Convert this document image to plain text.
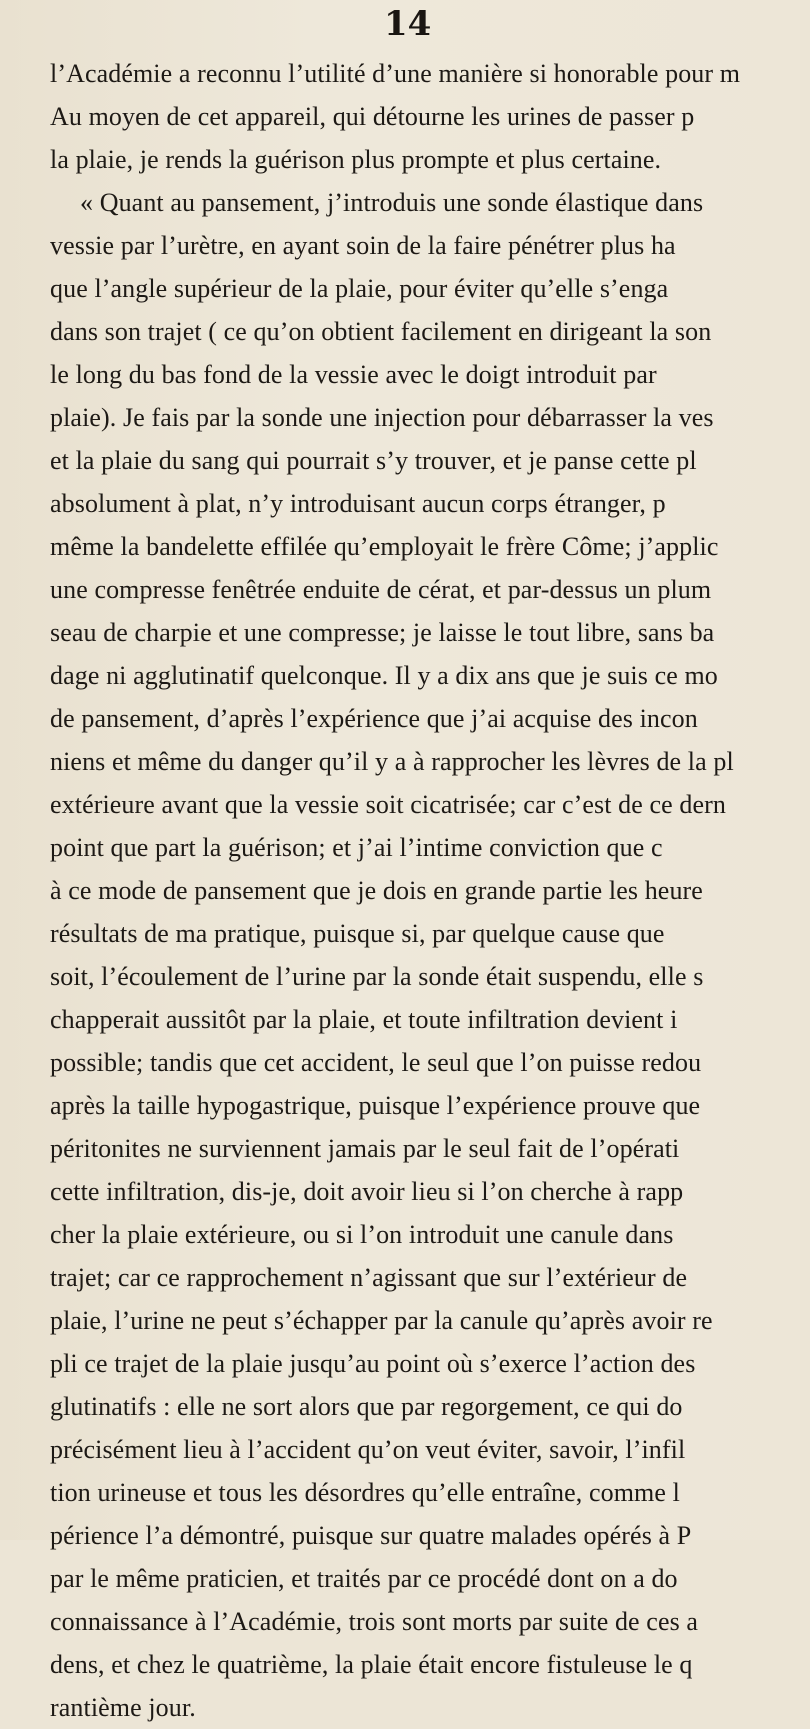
14
l’Académie a reconnu l’utilité d’une manière si honorable pour m
Au moyen de cet appareil, qui détourne les urines de passer p
la plaie, je rends la guérison plus prompte et plus certaine.
« Quant au pansement, j’introduis une sonde élastique dans
vessie par l’urètre, en ayant soin de la faire pénétrer plus ha
que l’angle supérieur de la plaie, pour éviter qu’elle s’enga
dans son trajet ( ce qu’on obtient facilement en dirigeant la son
le long du bas fond de la vessie avec le doigt introduit par
plaie). Je fais par la sonde une injection pour débarrasser la ves
et la plaie du sang qui pourrait s’y trouver, et je panse cette pl
absolument à plat, n’y introduisant aucun corps étranger, p
même la bandelette effilée qu’employait le frère Côme; j’applic
une compresse fenêtrée enduite de cérat, et par-dessus un plum
seau de charpie et une compresse; je laisse le tout libre, sans ba
dage ni agglutinatif quelconque. Il y a dix ans que je suis ce mo
de pansement, d’après l’expérience que j’ai acquise des incon
niens et même du danger qu’il y a à rapprocher les lèvres de la pl
extérieure avant que la vessie soit cicatrisée; car c’est de ce dern
point que part la guérison; et j’ai l’intime conviction que c
à ce mode de pansement que je dois en grande partie les heure
résultats de ma pratique, puisque si, par quelque cause que
soit, l’écoulement de l’urine par la sonde était suspendu, elle s
chapperait aussitôt par la plaie, et toute infiltration devient i
possible; tandis que cet accident, le seul que l’on puisse redou
après la taille hypogastrique, puisque l’expérience prouve que
péritonites ne surviennent jamais par le seul fait de l’opérati
cette infiltration, dis-je, doit avoir lieu si l’on cherche à rapp
cher la plaie extérieure, ou si l’on introduit une canule dans
trajet; car ce rapprochement n’agissant que sur l’extérieur de
plaie, l’urine ne peut s’échapper par la canule qu’après avoir re
pli ce trajet de la plaie jusqu’au point où s’exerce l’action des
glutinatifs : elle ne sort alors que par regorgement, ce qui do
précisément lieu à l’accident qu’on veut éviter, savoir, l’infil
tion urineuse et tous les désordres qu’elle entraîne, comme l
périence l’a démontré, puisque sur quatre malades opérés à P
par le même praticien, et traités par ce procédé dont on a do
connaissance à l’Académie, trois sont morts par suite de ces a
dens, et chez le quatrième, la plaie était encore fistuleuse le q
rantième jour.
